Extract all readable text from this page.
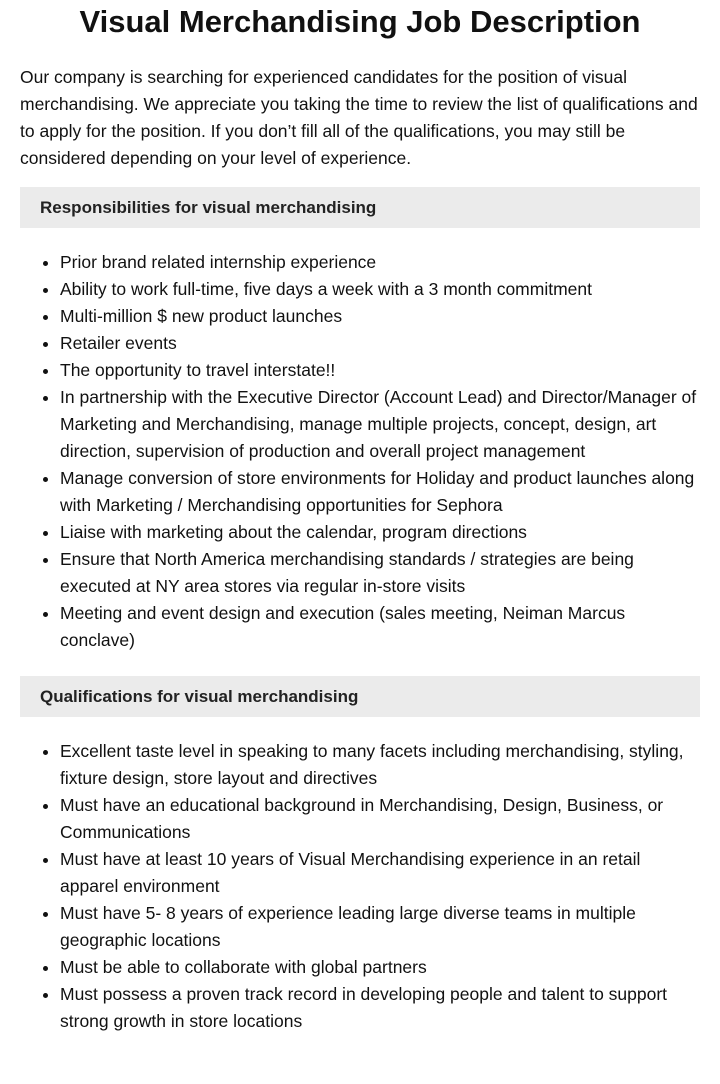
Visual Merchandising Job Description

Our company is searching for experienced candidates for the position of visual merchandising. We appreciate you taking the time to review the list of qualifications and to apply for the position. If you don’t fill all of the qualifications, you may still be considered depending on your level of experience.

Responsibilities for visual merchandising
• Prior brand related internship experience
• Ability to work full-time, five days a week with a 3 month commitment
• Multi-million $ new product launches
• Retailer events
• The opportunity to travel interstate!!
• In partnership with the Executive Director (Account Lead) and Director/Manager of Marketing and Merchandising, manage multiple projects, concept, design, art direction, supervision of production and overall project management
• Manage conversion of store environments for Holiday and product launches along with Marketing / Merchandising opportunities for Sephora
• Liaise with marketing about the calendar, program directions
• Ensure that North America merchandising standards / strategies are being executed at NY area stores via regular in-store visits
• Meeting and event design and execution (sales meeting, Neiman Marcus conclave)
Qualifications for visual merchandising
• Excellent taste level in speaking to many facets including merchandising, styling, fixture design, store layout and directives
• Must have an educational background in Merchandising, Design, Business, or Communications
• Must have at least 10 years of Visual Merchandising experience in an retail apparel environment
• Must have 5- 8 years of experience leading large diverse teams in multiple geographic locations
• Must be able to collaborate with global partners
• Must possess a proven track record in developing people and talent to support strong growth in store locations
